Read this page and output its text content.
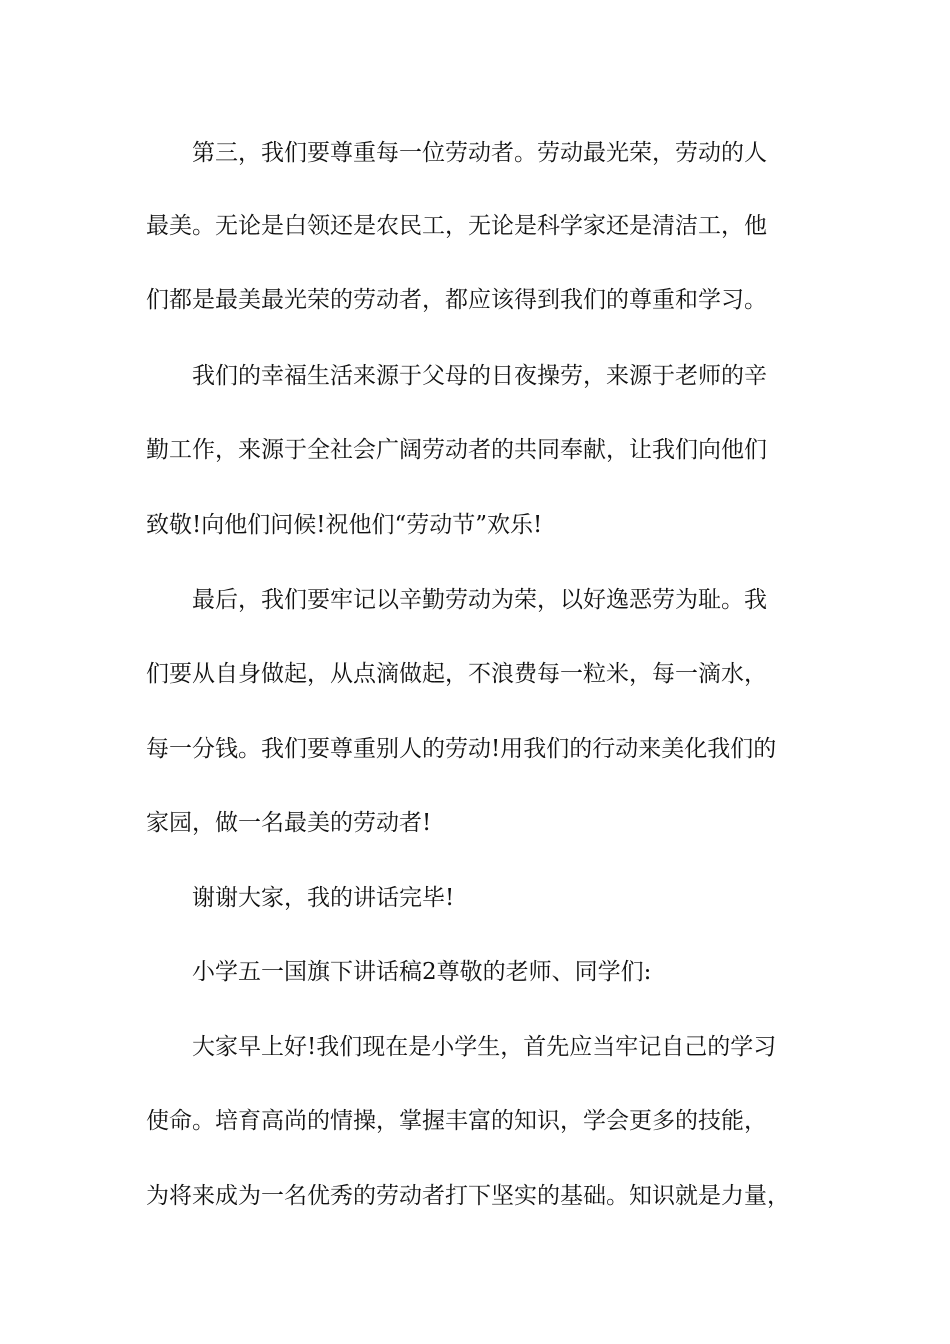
第三，我们要尊重每一位劳动者。劳动最光荣，劳动的人
最美。无论是白领还是农民工，无论是科学家还是清洁工，他
们都是最美最光荣的劳动者，都应该得到我们的尊重和学习。
我们的幸福生活来源于父母的日夜操劳，来源于老师的辛
勤工作，来源于全社会广阔劳动者的共同奉献，让我们向他们
致敬!向他们问候!祝他们“劳动节”欢乐!
最后，我们要牢记以辛勤劳动为荣，以好逸恶劳为耻。我
们要从自身做起，从点滴做起，不浪费每一粒米，每一滴水，
每一分钱。我们要尊重别人的劳动!用我们的行动来美化我们的
家园，做一名最美的劳动者!
谢谢大家，我的讲话完毕!
小学五一国旗下讲话稿2尊敬的老师、同学们:
大家早上好!我们现在是小学生，首先应当牢记自己的学习
使命。培育高尚的情操，掌握丰富的知识，学会更多的技能，
为将来成为一名优秀的劳动者打下坚实的基础。知识就是力量，
